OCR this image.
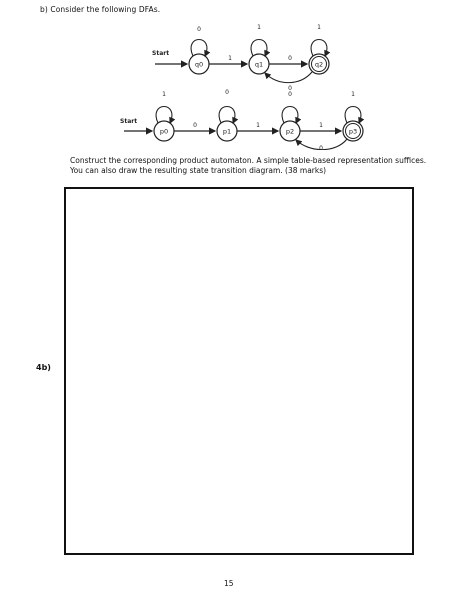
b) Consider the following DFAs.
Start
q0
0
1
q1
1
0
0
q2
1
Start
p0
1
0
p1
0
1
p2
0
1
0
p3
1
Construct the corresponding product automaton. A simple table-based representation suffices. You can also draw the resulting state transition diagram. (38 marks)
4b)
15
